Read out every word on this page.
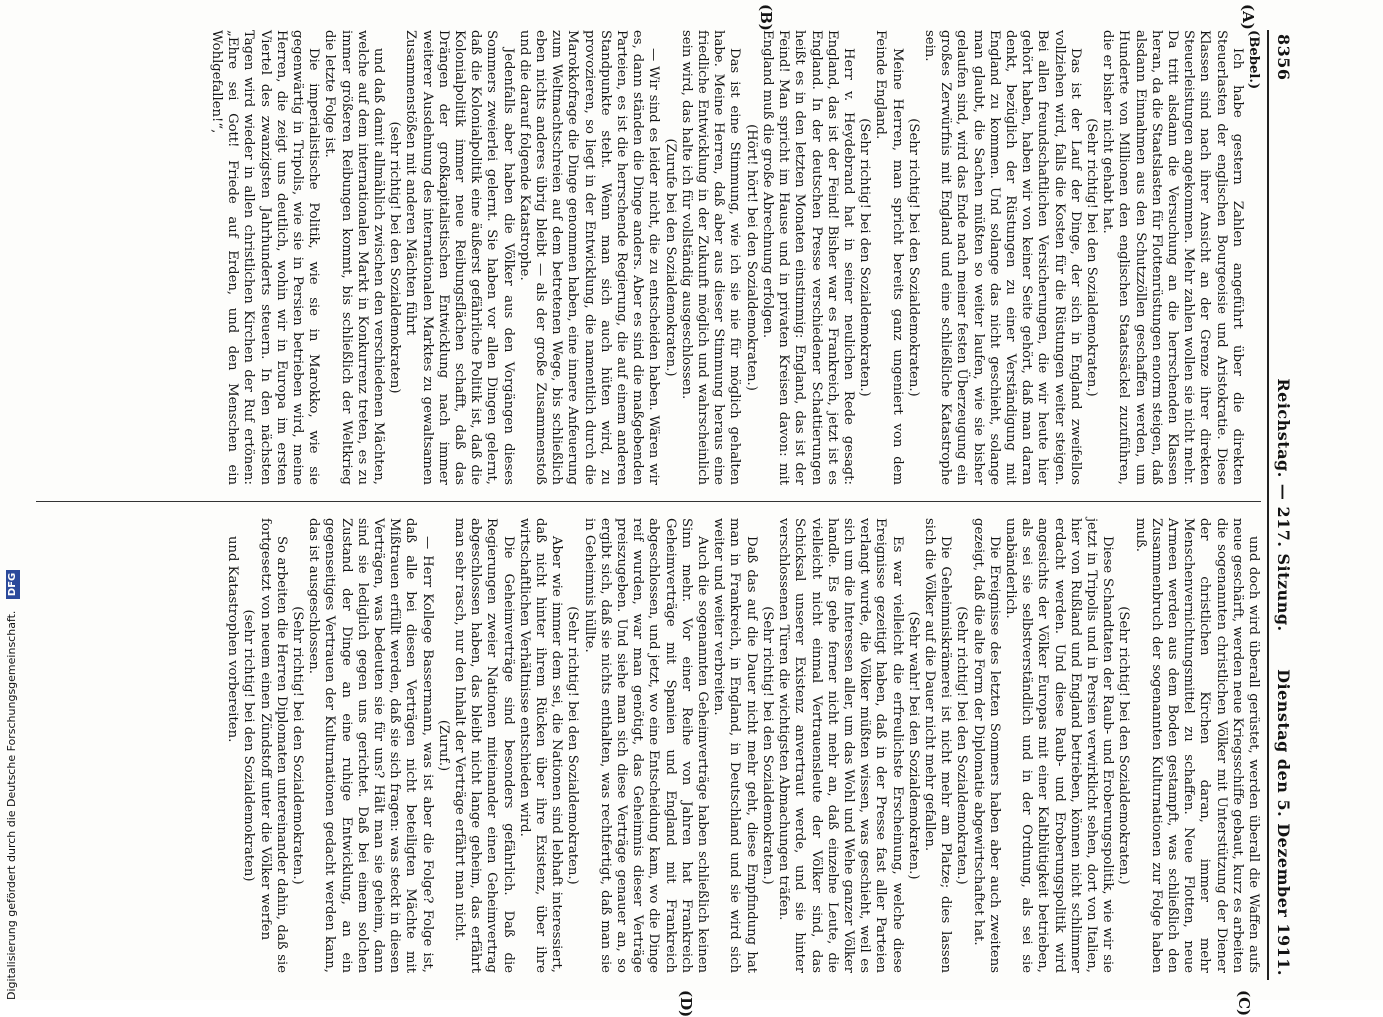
8356
Reichstag. — 217. Sitzung.
Dienstag den 5. Dezember 1911.
(A)
(B)
(C)
(D)

(Bebel.)

Ich habe gestern Zahlen angeführt über die direkten Steuerlasten der englischen Bourgeoisie und Aristokratie. Diese Klassen sind nach ihrer Ansicht an der Grenze ihrer direkten Steuerleistungen angekommen. Mehr zahlen wollen sie nicht mehr. Da tritt alsdann die Versuchung an die herrschenden Klassen heran, da die Staatslasten für Flottenrüstungen enorm steigen, daß alsdann Einnahmen aus den Schutzzöllen geschaffen werden, um Hunderte von Millionen den englischen Staatssäckel zuzuführen, die er bisher nicht gehabt hat.

(Sehr richtig! bei den Sozialdemokraten.)

Das ist der Lauf der Dinge, der sich in England zweifellos vollziehen wird, falls die Kosten für die Rüstungen weiter steigen. Bei allen freundschaftlichen Versicherungen, die wir heute hier gehört haben, haben wir von keiner Seite gehört, daß man daran denkt, bezüglich der Rüstungen zu einer Verständigung mit England zu kommen. Und solange das nicht geschieht, solange man glaubt, die Sachen müßten so weiter laufen, wie sie bisher gelaufen sind, wird das Ende nach meiner festen Überzeugung ein großes Zerwürfnis mit England und eine schließliche Katastrophe sein.

(Sehr richtig! bei den Sozialdemokraten.)

Meine Herren, man spricht bereits ganz ungeniert von dem Feinde England.

(Sehr richtig! bei den Sozialdemokraten.)

Herr v. Heydebrand hat in seiner neulichen Rede gesagt: England, das ist der Feind! Bisher war es Frankreich, jetzt ist es England. In der deutschen Presse verschiedener Schattierungen heißt es in den letzten Monaten einstimmig: England, das ist der Feind! Man spricht im Hause und in privaten Kreisen davon: mit England muß die große Abrechnung erfolgen.

(Hört! hört! bei den Sozialdemokraten.)

Das ist eine Stimmung, wie ich sie nie für möglich gehalten habe. Meine Herren, daß aber aus dieser Stimmung heraus eine friedliche Entwicklung in der Zukunft möglich und wahrscheinlich sein wird, das halte ich für vollständig ausgeschlossen.

(Zurufe bei den Sozialdemokraten.)

— Wir sind es leider nicht, die zu entscheiden haben. Wären wir es, dann ständen die Dinge anders. Aber es sind die maßgebenden Parteien, es ist die herrschende Regierung, die auf einem anderen Standpunkte steht. Wenn man sich auch hüten wird, zu provozieren, so liegt in der Entwicklung, die namentlich durch die Marokkofrage die Dinge genommen haben, eine innere Anfeuerung zum Weltmachtschreien auf dem betretenen Wege, bis schließlich eben nichts anderes übrig bleibt — als der große Zusammenstoß und die darauf folgende Katastrophe.

Jedenfalls aber haben die Völker aus den Vorgängen dieses Sommers zweierlei gelernt. Sie haben vor allen Dingen gelernt, daß die Kolonialpolitik eine äußerst gefährliche Politik ist, daß die Kolonialpolitik immer neue Reibungsflächen schafft, daß das Drängen der großkapitalistischen Entwicklung nach immer weiterer Ausdehnung des internationalen Marktes zu gewaltsamen Zusammenstößen mit anderen Mächten führt

(sehr richtig! bei den Sozialdemokraten)

und daß damit allmählich zwischen den verschiedenen Mächten, welche auf dem internationalen Markt in Konkurrenz treten, es zu immer größeren Reibungen kommt, bis schließlich der Weltkrieg die letzte Folge ist.

Die imperialistische Politik, wie sie in Marokko, wie sie gegenwärtig in Tripolis, wie sie in Persien betrieben wird, meine Herren, die zeigt uns deutlich, wohin wir in Europa im ersten Viertel des zwanzigsten Jahrhunderts steuern. In den nächsten Tagen wird wieder in allen christlichen Kirchen der Ruf ertönen: „Ehre sei Gott! Friede auf Erden, und den Menschen ein Wohlgefallen!“,

und doch wird überall gerüstet, werden überall die Waffen aufs neue geschärft, werden neue Kriegsschiffe gebaut, kurz es arbeiten die sogenannten christlichen Völker mit Unterstützung der Diener der christlichen Kirchen daran, immer mehr Menschenvernichtungsmittel zu schaffen. Neue Flotten, neue Armeen werden aus dem Boden gestampft, was schließlich den Zusammenbruch der sogenannten Kulturnationen zur Folge haben muß.

(Sehr richtig! bei den Sozialdemokraten.)

Diese Schandtaten der Raub- und Eroberungspolitik, wie wir sie jetzt in Tripolis und in Persien verwirklicht sehen, dort von Italien, hier von Rußland und England betrieben, können nicht schlimmer erdacht werden. Und diese Raub- und Eroberungspolitik wird angesichts der Völker Europas mit einer Kaltblütigkeit betrieben, als sei sie selbstverständlich und in der Ordnung, als sei sie unabänderlich.

Die Ereignisse des letzten Sommers haben aber auch zweitens gezeigt, daß die alte Form der Diplomatie abgewirtschaftet hat.

(Sehr richtig! bei den Sozialdemokraten.)

Die Geheimniskrämerei ist nicht mehr am Platze; dies lassen sich die Völker auf die Dauer nicht mehr gefallen.

(Sehr wahr! bei den Sozialdemokraten.)

Es war vielleicht die erfreulichste Erscheinung, welche diese Ereignisse gezeitigt haben, daß in der Presse fast aller Parteien verlangt wurde, die Völker müßten wissen, was geschieht, weil es sich um die Interessen aller, um das Wohl und Wehe ganzer Völker handle. Es gehe ferner nicht mehr an, daß einzelne Leute, die vielleicht nicht einmal Vertrauensleute der Völker sind, das Schicksal unserer Existenz anvertraut werde, und sie hinter verschlossenen Türen die wichtigsten Abmachungen träfen.

(Sehr richtig! bei den Sozialdemokraten.)

Daß das auf die Dauer nicht mehr geht, diese Empfindung hat man in Frankreich, in England, in Deutschland und sie wird sich weiter und weiter verbreiten.

Auch die sogenannten Geheimverträge haben schließlich keinen Sinn mehr. Vor einer Reihe von Jahren hat Frankreich Geheimverträge mit Spanien und England mit Frankreich abgeschlossen, und jetzt, wo eine Entscheidung kam, wo die Dinge reif wurden, war man genötigt, das Geheimnis dieser Verträge preiszugeben. Und siehe man sich diese Verträge genauer an, so ergibt sich, daß sie nichts enthalten, was rechtfertigt, daß man sie in Geheimnis hüllte.

(Sehr richtig! bei den Sozialdemokraten.)

Aber wie immer dem sei, die Nationen sind lebhaft interessiert, daß nicht hinter ihrem Rücken über ihre Existenz, über ihre wirtschaftlichen Verhältnisse entschieden wird.

Die Geheimverträge sind besonders gefährlich. Daß die Regierungen zweier Nationen miteinander einen Geheimvertrag abgeschlossen haben, das bleibt nicht lange geheim, das erfährt man sehr rasch, nur den Inhalt der Verträge erfährt man nicht.

(Zuruf.)

— Herr Kollege Bassermann, was ist aber die Folge? Folge ist, daß alle bei diesen Verträgen nicht beteiligten Mächte mit Mißtrauen erfüllt werden, daß sie sich fragen: was steckt in diesen Verträgen, was bedeuten sie für uns? Hält man sie geheim, dann sind sie lediglich gegen uns gerichtet. Daß bei einem solchen Zustand der Dinge an eine ruhige Entwicklung, an ein gegenseitiges Vertrauen der Kulturnationen gedacht werden kann, das ist ausgeschlossen.

(Sehr richtig! bei den Sozialdemokraten.)

So arbeiten die Herren Diplomaten untereinander dahin, daß sie fortgesetzt von neuem einen Zündstoff unter die Völker werfen

(sehr richtig! bei den Sozialdemokraten)

und Katastrophen vorbereiten.

Digitalisierung gefördert durch die Deutsche Forschungsgemeinschaft. DFG
